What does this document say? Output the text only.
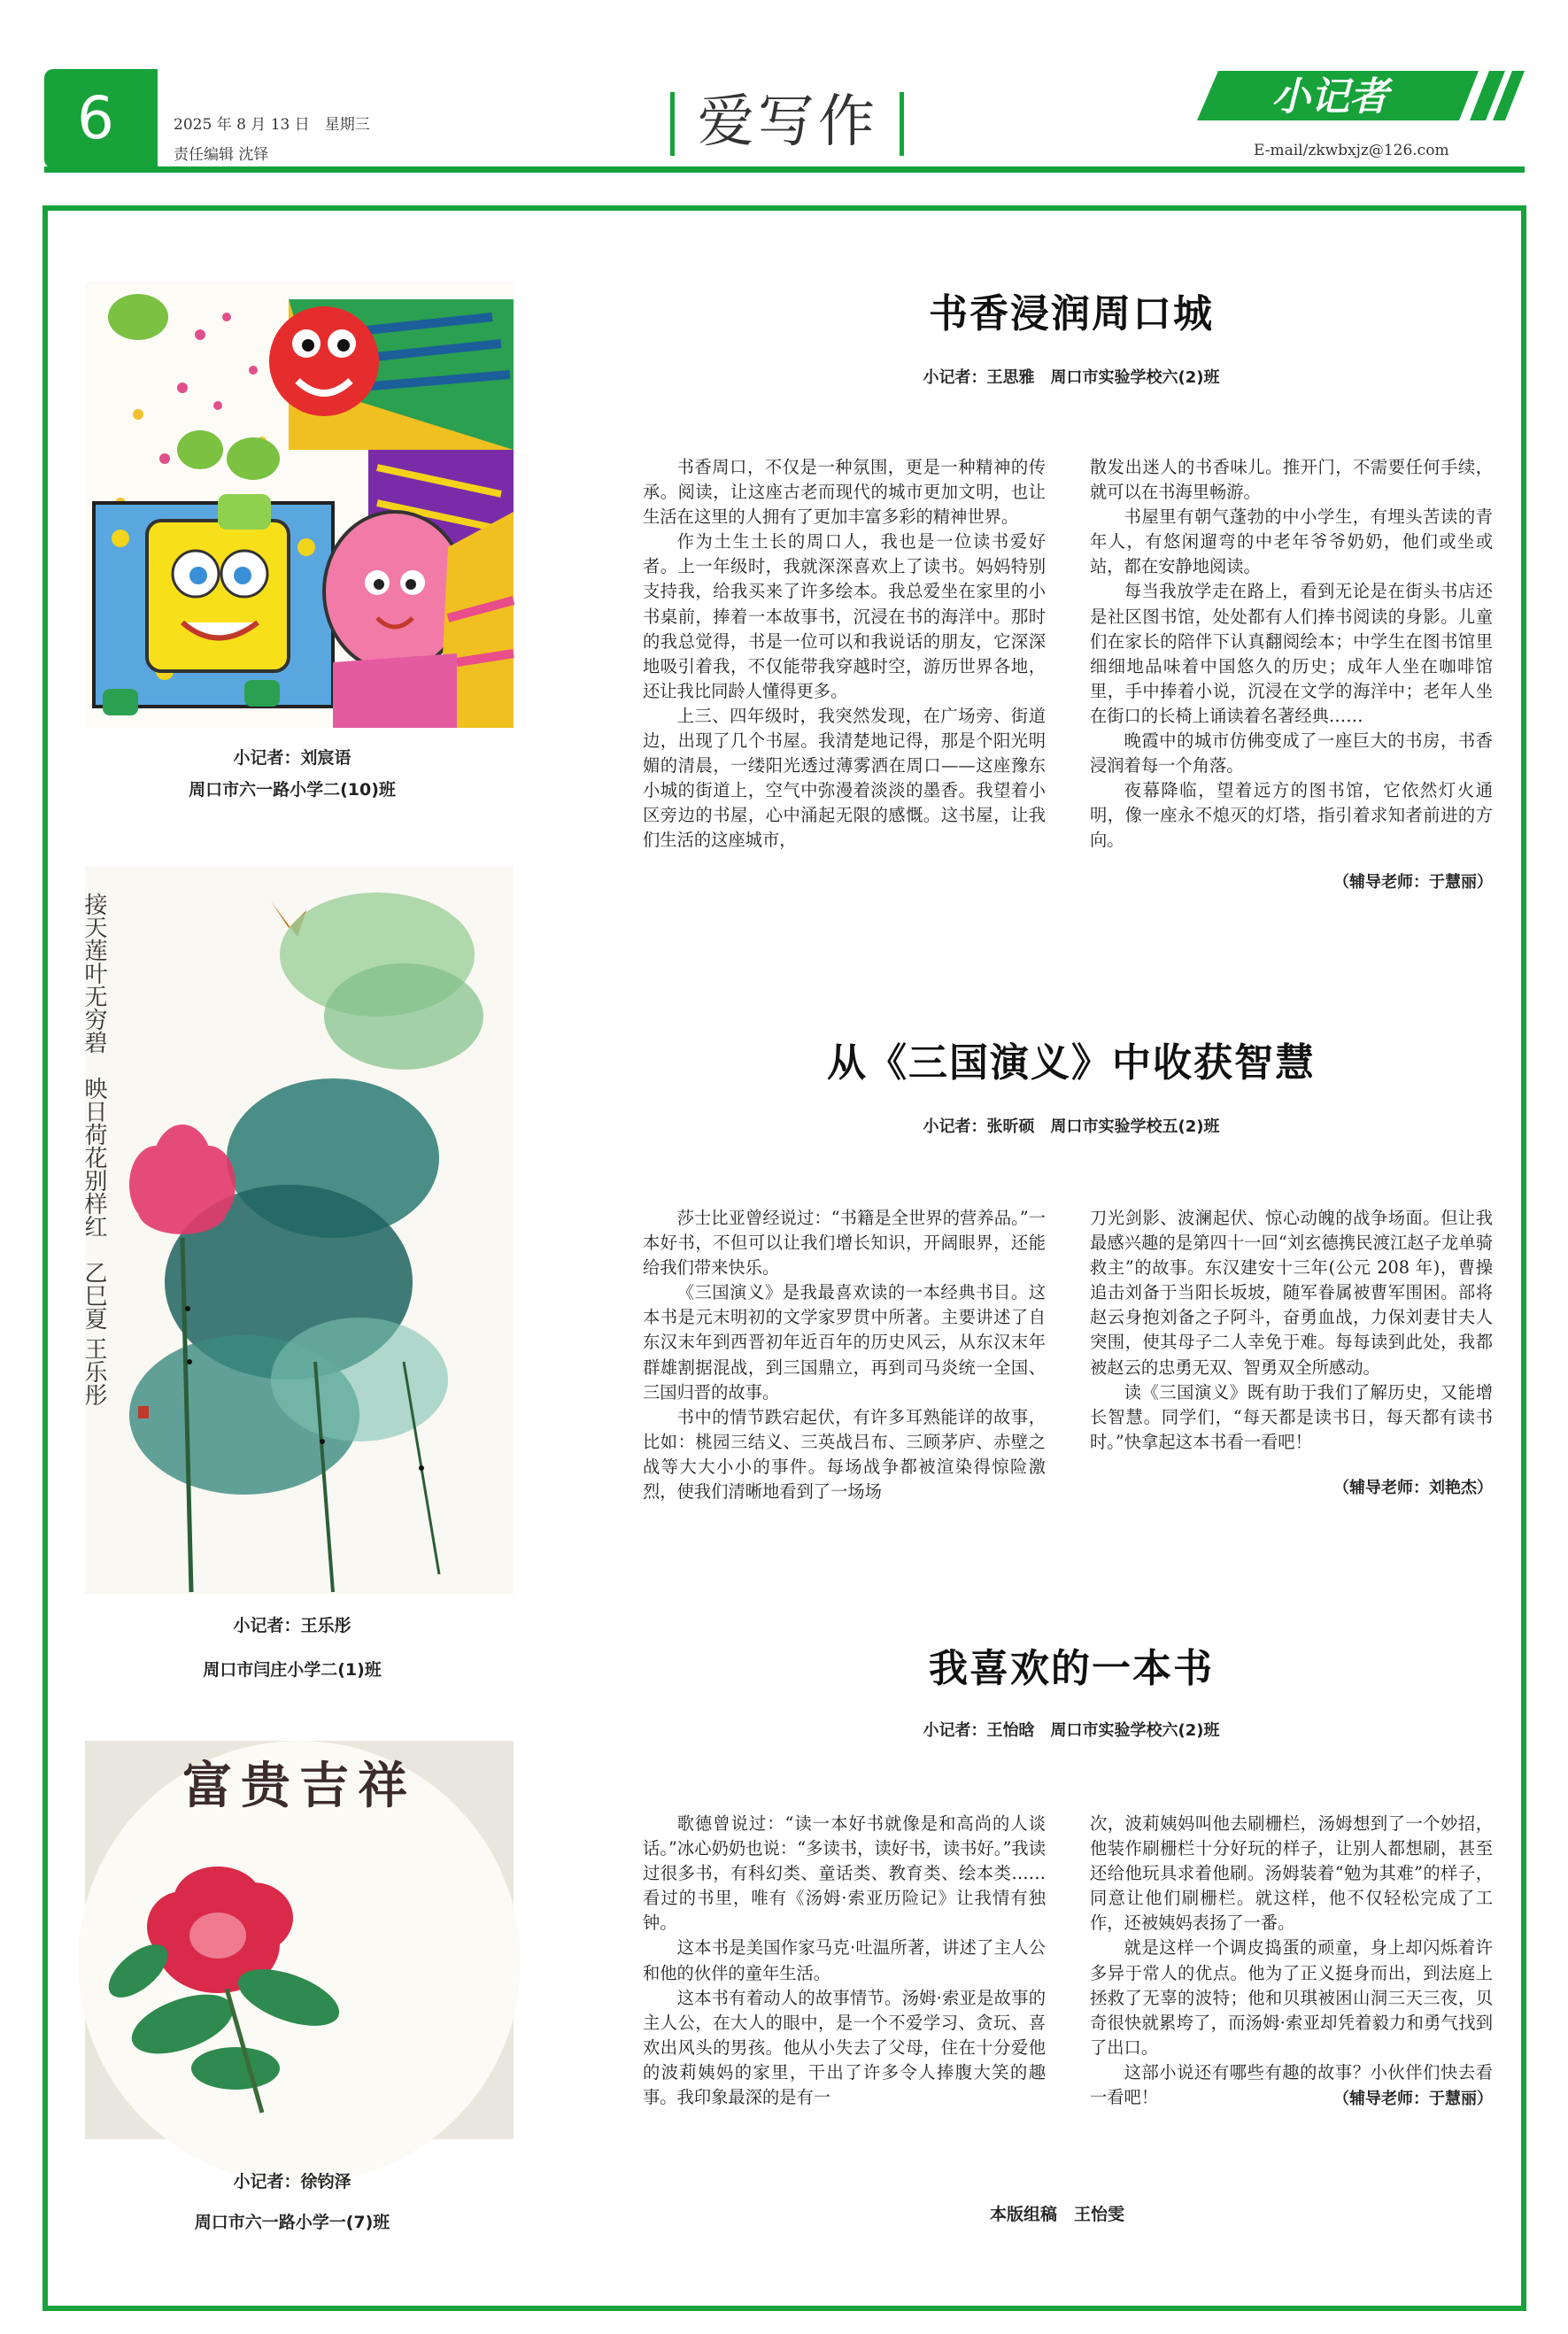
6	2025 年 8 月 13 日　星期三
责任编辑 沈铎	爱写作	小记者
E-mail/zkwbxjz@126.com
小记者：刘宸语
周口市六一路小学二(10)班
接天莲叶无穷碧　映日荷花别样红　乙巳夏 王乐彤
小记者：王乐彤
周口市闫庄小学二(1)班
富贵吉祥
小记者：徐钧泽
周口市六一路小学一(7)班
书香浸润周口城
小记者：王思雅　周口市实验学校六(2)班

书香周口，不仅是一种氛围，更是一种精神的传承。阅读，让这座古老而现代的城市更加文明，也让生活在这里的人拥有了更加丰富多彩的精神世界。

作为土生土长的周口人，我也是一位读书爱好者。上一年级时，我就深深喜欢上了读书。妈妈特别支持我，给我买来了许多绘本。我总爱坐在家里的小书桌前，捧着一本故事书，沉浸在书的海洋中。那时的我总觉得，书是一位可以和我说话的朋友，它深深地吸引着我，不仅能带我穿越时空，游历世界各地，还让我比同龄人懂得更多。

上三、四年级时，我突然发现，在广场旁、街道边，出现了几个书屋。我清楚地记得，那是个阳光明媚的清晨，一缕阳光透过薄雾洒在周口——这座豫东小城的街道上，空气中弥漫着淡淡的墨香。我望着小区旁边的书屋，心中涌起无限的感慨。这书屋，让我们生活的这座城市，

散发出迷人的书香味儿。推开门，不需要任何手续，就可以在书海里畅游。

书屋里有朝气蓬勃的中小学生，有埋头苦读的青年人，有悠闲遛弯的中老年爷爷奶奶，他们或坐或站，都在安静地阅读。

每当我放学走在路上，看到无论是在街头书店还是社区图书馆，处处都有人们捧书阅读的身影。儿童们在家长的陪伴下认真翻阅绘本；中学生在图书馆里细细地品味着中国悠久的历史；成年人坐在咖啡馆里，手中捧着小说，沉浸在文学的海洋中；老年人坐在街口的长椅上诵读着名著经典……

晚霞中的城市仿佛变成了一座巨大的书房，书香浸润着每一个角落。

夜幕降临，望着远方的图书馆，它依然灯火通明，像一座永不熄灭的灯塔，指引着求知者前进的方向。

（辅导老师：于慧丽）
从《三国演义》中收获智慧
小记者：张昕硕　周口市实验学校五(2)班

莎士比亚曾经说过：“书籍是全世界的营养品。”一本好书，不但可以让我们增长知识，开阔眼界，还能给我们带来快乐。

《三国演义》是我最喜欢读的一本经典书目。这本书是元末明初的文学家罗贯中所著。主要讲述了自东汉末年到西晋初年近百年的历史风云，从东汉末年群雄割据混战，到三国鼎立，再到司马炎统一全国、三国归晋的故事。

书中的情节跌宕起伏，有许多耳熟能详的故事，比如：桃园三结义、三英战吕布、三顾茅庐、赤壁之战等大大小小的事件。每场战争都被渲染得惊险激烈，使我们清晰地看到了一场场

刀光剑影、波澜起伏、惊心动魄的战争场面。但让我最感兴趣的是第四十一回“刘玄德携民渡江赵子龙单骑救主”的故事。东汉建安十三年(公元 208 年)，曹操追击刘备于当阳长坂坡，随军眷属被曹军围困。部将赵云身抱刘备之子阿斗，奋勇血战，力保刘妻甘夫人突围，使其母子二人幸免于难。每每读到此处，我都被赵云的忠勇无双、智勇双全所感动。

读《三国演义》既有助于我们了解历史，又能增长智慧。同学们，“每天都是读书日，每天都有读书时。”快拿起这本书看一看吧！

（辅导老师：刘艳杰）
我喜欢的一本书
小记者：王怡晗　周口市实验学校六(2)班

歌德曾说过：“读一本好书就像是和高尚的人谈话。”冰心奶奶也说：“多读书，读好书，读书好。”我读过很多书，有科幻类、童话类、教育类、绘本类……看过的书里，唯有《汤姆·索亚历险记》让我情有独钟。

这本书是美国作家马克·吐温所著，讲述了主人公和他的伙伴的童年生活。

这本书有着动人的故事情节。汤姆·索亚是故事的主人公，在大人的眼中，是一个不爱学习、贪玩、喜欢出风头的男孩。他从小失去了父母，住在十分爱他的波莉姨妈的家里，干出了许多令人捧腹大笑的趣事。我印象最深的是有一

次，波莉姨妈叫他去刷栅栏，汤姆想到了一个妙招，他装作刷栅栏十分好玩的样子，让别人都想刷，甚至还给他玩具求着他刷。汤姆装着“勉为其难”的样子，同意让他们刷栅栏。就这样，他不仅轻松完成了工作，还被姨妈表扬了一番。

就是这样一个调皮捣蛋的顽童，身上却闪烁着许多异于常人的优点。他为了正义挺身而出，到法庭上拯救了无辜的波特；他和贝琪被困山洞三天三夜，贝奇很快就累垮了，而汤姆·索亚却凭着毅力和勇气找到了出口。

这部小说还有哪些有趣的故事？小伙伴们快去看一看吧！	（辅导老师：于慧丽）
本版组稿　王怡雯
